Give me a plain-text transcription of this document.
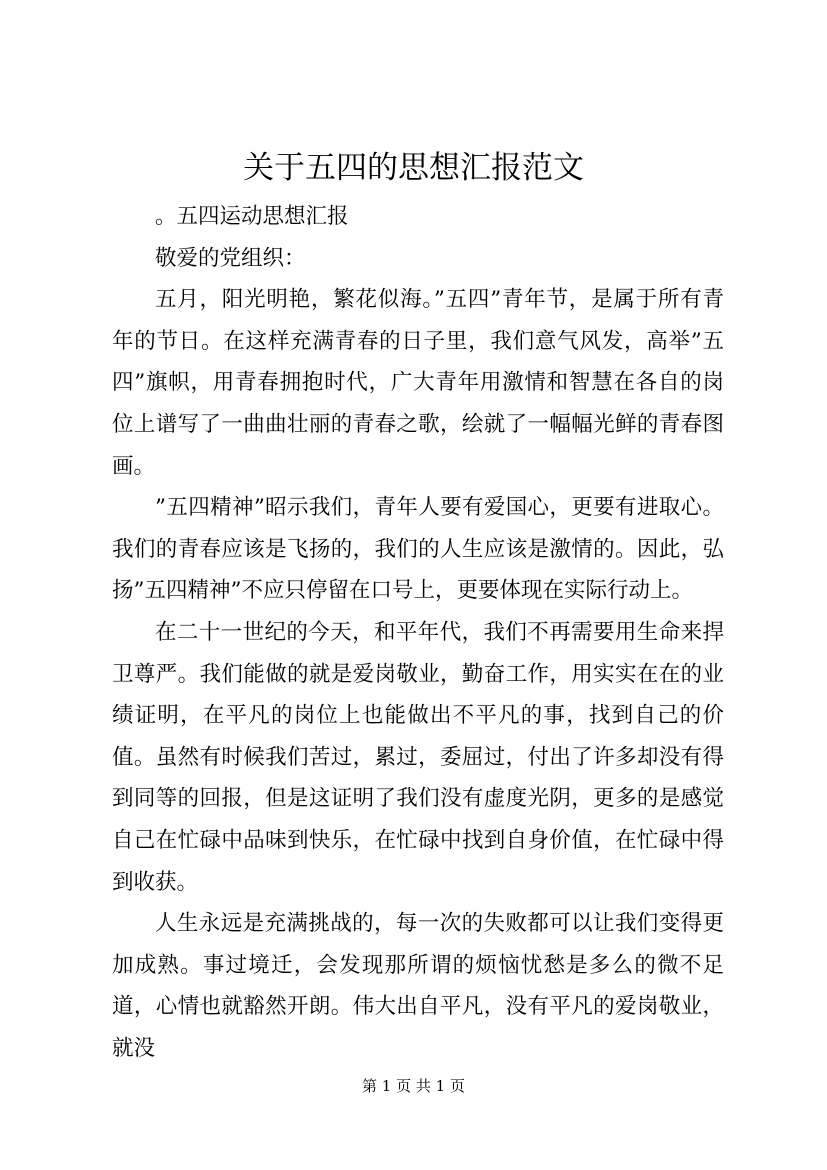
关于五四的思想汇报范文

。五四运动思想汇报

敬爱的党组织：

五月，阳光明艳，繁花似海。”五四”青年节，是属于所有青年的节日。在这样充满青春的日子里，我们意气风发，高举”五四”旗帜，用青春拥抱时代，广大青年用激情和智慧在各自的岗位上谱写了一曲曲壮丽的青春之歌，绘就了一幅幅光鲜的青春图画。

”五四精神”昭示我们，青年人要有爱国心，更要有进取心。我们的青春应该是飞扬的，我们的人生应该是激情的。因此，弘扬”五四精神”不应只停留在口号上，更要体现在实际行动上。

在二十一世纪的今天，和平年代，我们不再需要用生命来捍卫尊严。我们能做的就是爱岗敬业，勤奋工作，用实实在在的业绩证明，在平凡的岗位上也能做出不平凡的事，找到自己的价值。虽然有时候我们苦过，累过，委屈过，付出了许多却没有得到同等的回报，但是这证明了我们没有虚度光阴，更多的是感觉自己在忙碌中品味到快乐，在忙碌中找到自身价值，在忙碌中得到收获。

人生永远是充满挑战的，每一次的失败都可以让我们变得更加成熟。事过境迁，会发现那所谓的烦恼忧愁是多么的微不足道，心情也就豁然开朗。伟大出自平凡，没有平凡的爱岗敬业，就没

第 1 页 共 1 页
